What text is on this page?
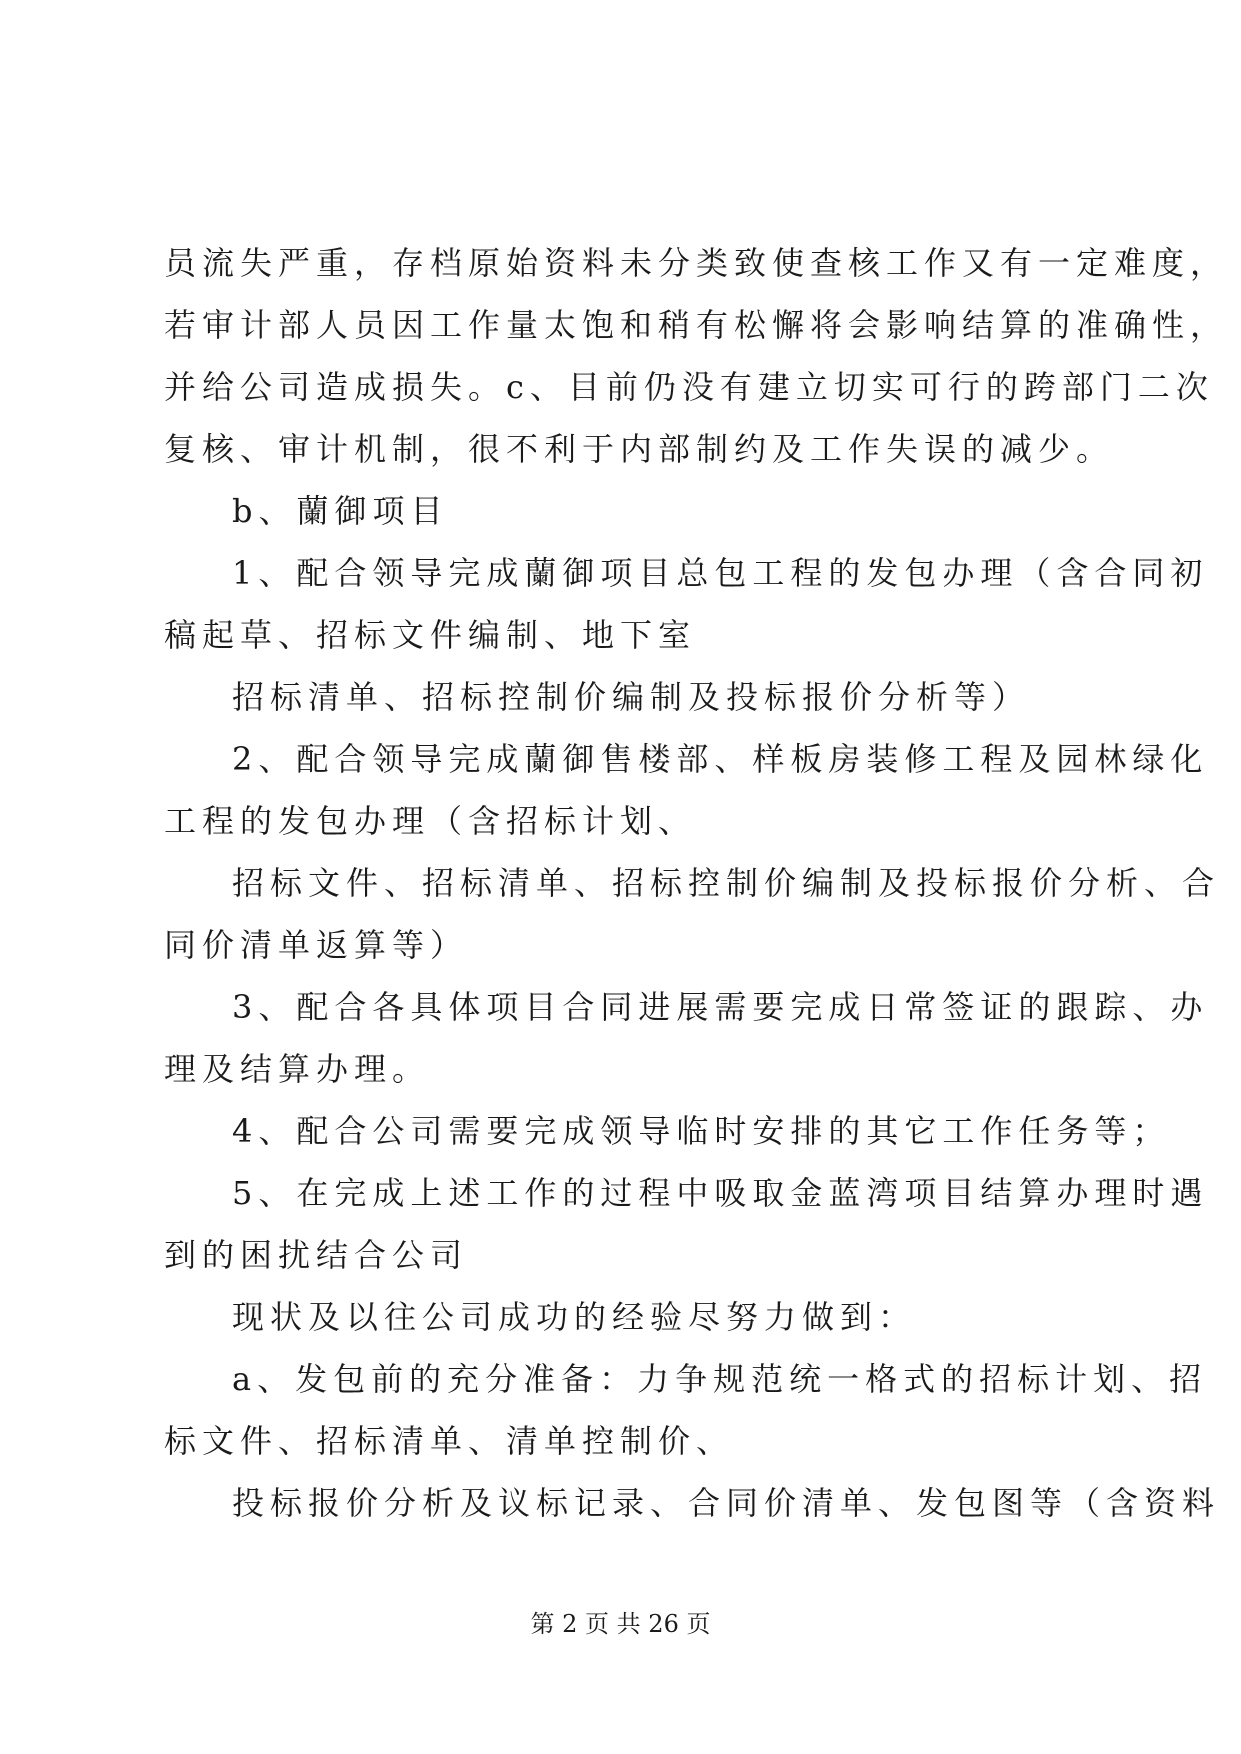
员流失严重，存档原始资料未分类致使查核工作又有一定难度，
若审计部人员因工作量太饱和稍有松懈将会影响结算的准确性，
并给公司造成损失。c、目前仍没有建立切实可行的跨部门二次
复核、审计机制，很不利于内部制约及工作失误的减少。
b、蘭御项目
1、配合领导完成蘭御项目总包工程的发包办理（含合同初
稿起草、招标文件编制、地下室
招标清单、招标控制价编制及投标报价分析等）
2、配合领导完成蘭御售楼部、样板房装修工程及园林绿化
工程的发包办理（含招标计划、
招标文件、招标清单、招标控制价编制及投标报价分析、合
同价清单返算等）
3、配合各具体项目合同进展需要完成日常签证的跟踪、办
理及结算办理。
4、配合公司需要完成领导临时安排的其它工作任务等；
5、在完成上述工作的过程中吸取金蓝湾项目结算办理时遇
到的困扰结合公司
现状及以往公司成功的经验尽努力做到：
a、发包前的充分准备：力争规范统一格式的招标计划、招
标文件、招标清单、清单控制价、
投标报价分析及议标记录、合同价清单、发包图等（含资料
第 2 页 共 26 页
